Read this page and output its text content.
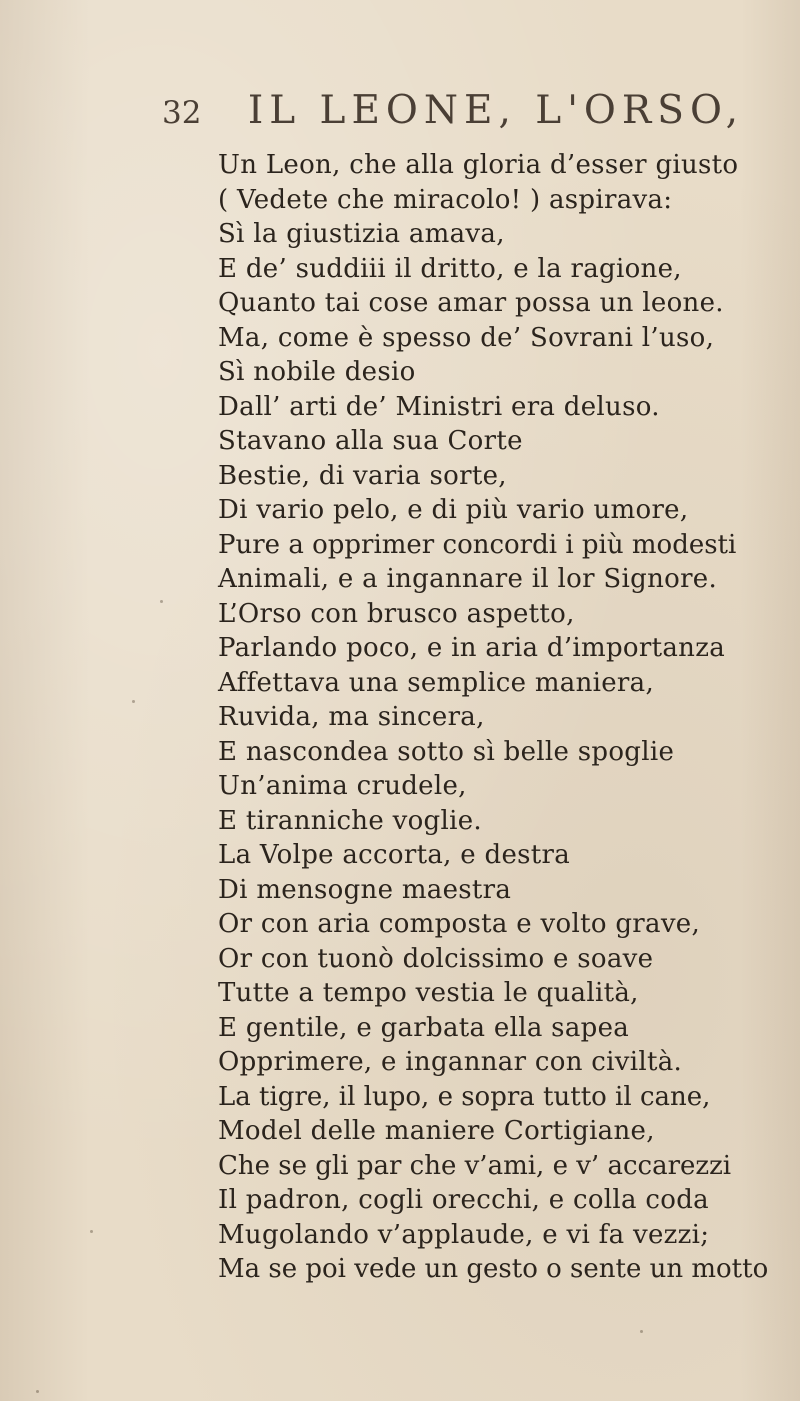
32 IL LEONE, L'ORSO,
Un Leon, che alla gloria d’esser giusto
( Vedete che miracolo! ) aspirava:
Sì la giustizia amava,
E de’ suddiii il dritto, e la ragione,
Quanto tai cose amar possa un leone.
Ma, come è spesso de’ Sovrani l’uso,
Sì nobile desio
Dall’ arti de’ Ministri era deluso.
Stavano alla sua Corte
Bestie, di varia sorte,
Di vario pelo, e di più vario umore,
Pure a opprimer concordi i più modesti
Animali, e a ingannare il lor Signore.
L’Orso con brusco aspetto,
Parlando poco, e in aria d’importanza
Affettava una semplice maniera,
Ruvida, ma sincera,
E nascondea sotto sì belle spoglie
Un’anima crudele,
E tiranniche voglie.
La Volpe accorta, e destra
Di mensogne maestra
Or con aria composta e volto grave,
Or con tuonò dolcissimo e soave
Tutte a tempo vestia le qualità,
E gentile, e garbata ella sapea
Opprimere, e ingannar con civiltà.
La tigre, il lupo, e sopra tutto il cane,
Model delle maniere Cortigiane,
Che se gli par che v’ami, e v’ accarezzi
Il padron, cogli orecchi, e colla coda
Mugolando v’applaude, e vi fa vezzi;
Ma se poi vede un gesto o sente un motto
